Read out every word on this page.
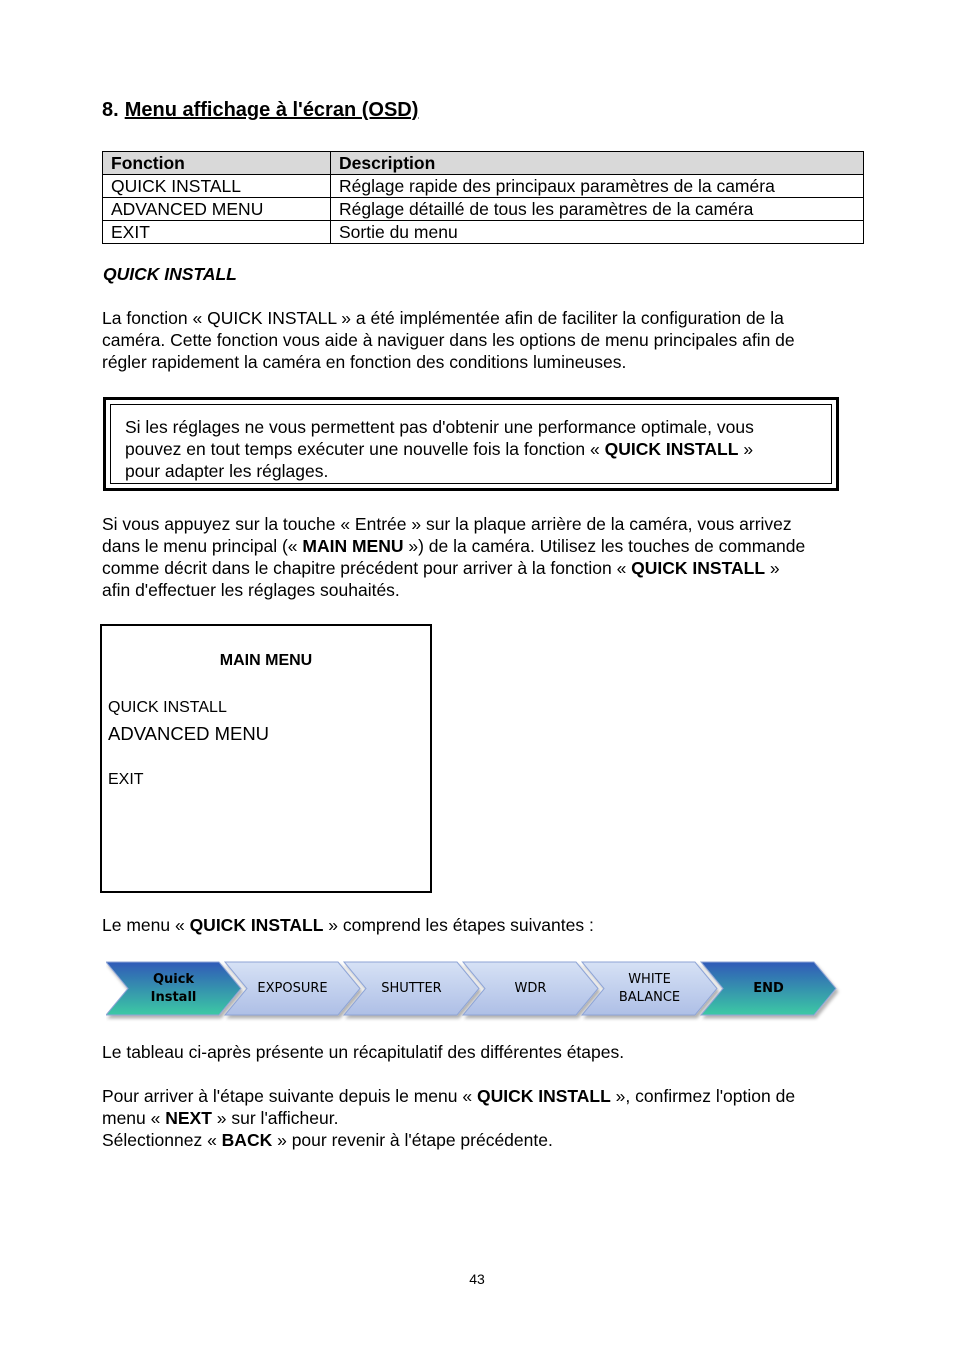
8. Menu affichage à l'écran (OSD)
Fonction	Description
QUICK INSTALL	Réglage rapide des principaux paramètres de la caméra
ADVANCED MENU	Réglage détaillé de tous les paramètres de la caméra
EXIT	Sortie du menu
QUICK INSTALL
La fonction « QUICK INSTALL » a été implémentée afin de faciliter la configuration de la
caméra. Cette fonction vous aide à naviguer dans les options de menu principales afin de
régler rapidement la caméra en fonction des conditions lumineuses.
Si les réglages ne vous permettent pas d'obtenir une performance optimale, vous
pouvez en tout temps exécuter une nouvelle fois la fonction « QUICK INSTALL »
pour adapter les réglages.
Si vous appuyez sur la touche « Entrée » sur la plaque arrière de la caméra, vous arrivez
dans le menu principal (« MAIN MENU ») de la caméra. Utilisez les touches de commande
comme décrit dans le chapitre précédent pour arriver à la fonction « QUICK INSTALL »
afin d'effectuer les réglages souhaités.
MAIN MENU
QUICK INSTALL
ADVANCED MENU
EXIT
Le menu « QUICK INSTALL » comprend les étapes suivantes :
Quick
Install
EXPOSURE	SHUTTER	WDR
WHITE
BALANCE
END
Le tableau ci-après présente un récapitulatif des différentes étapes.
Pour arriver à l'étape suivante depuis le menu « QUICK INSTALL », confirmez l'option de
menu « NEXT » sur l'afficheur.
Sélectionnez « BACK » pour revenir à l'étape précédente.
43
